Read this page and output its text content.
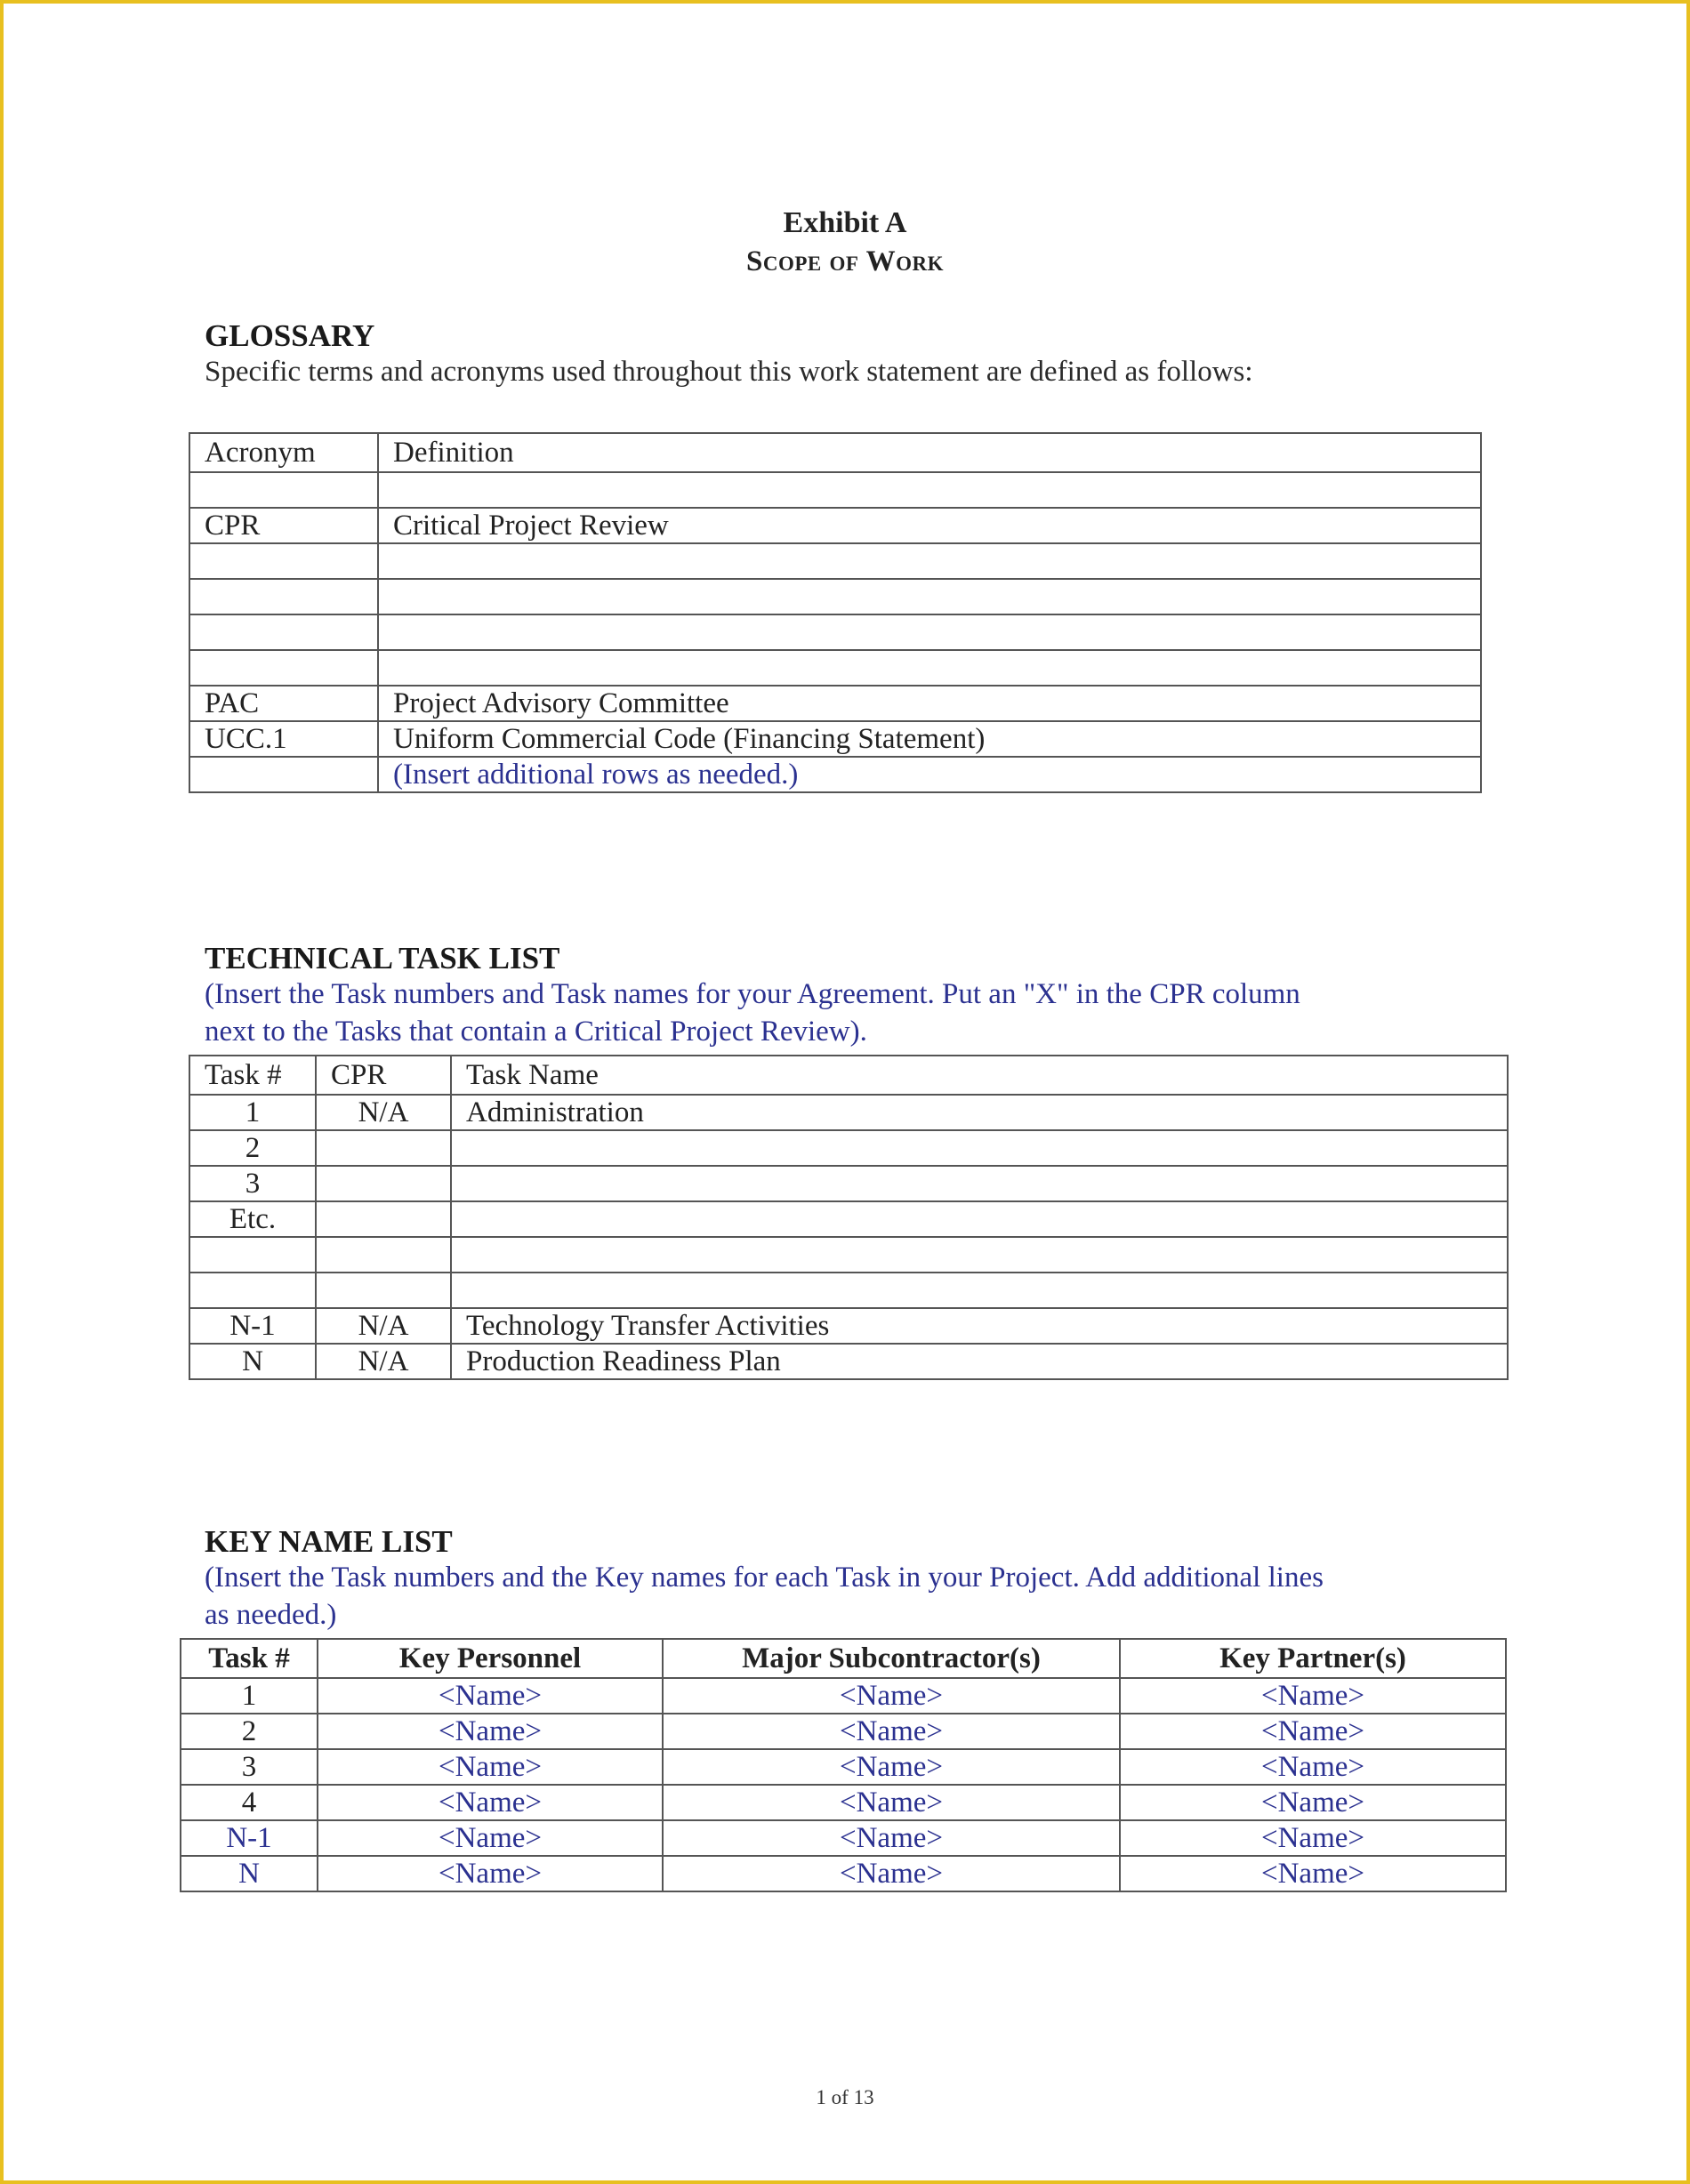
Exhibit A
Scope of Work
GLOSSARY
Specific terms and acronyms used throughout this work statement are defined as follows:
Acronym	Definition

CPR	Critical Project Review

PAC	Project Advisory Committee
UCC.1	Uniform Commercial Code (Financing Statement)
	(Insert additional rows as needed.)
TECHNICAL TASK LIST
(Insert the Task numbers and Task names for your Agreement. Put an "X" in the CPR column
next to the Tasks that contain a Critical Project Review).
Task #	CPR	Task Name
1	N/A	Administration
2		
3		
Etc.		

N-1	N/A	Technology Transfer Activities
N	N/A	Production Readiness Plan
KEY NAME LIST
(Insert the Task numbers and the Key names for each Task in your Project. Add additional lines
as needed.)
Task #	Key Personnel	Major Subcontractor(s)	Key Partner(s)
1	<Name>	<Name>	<Name>
2	<Name>	<Name>	<Name>
3	<Name>	<Name>	<Name>
4	<Name>	<Name>	<Name>
N-1	<Name>	<Name>	<Name>
N	<Name>	<Name>	<Name>
1 of 13
